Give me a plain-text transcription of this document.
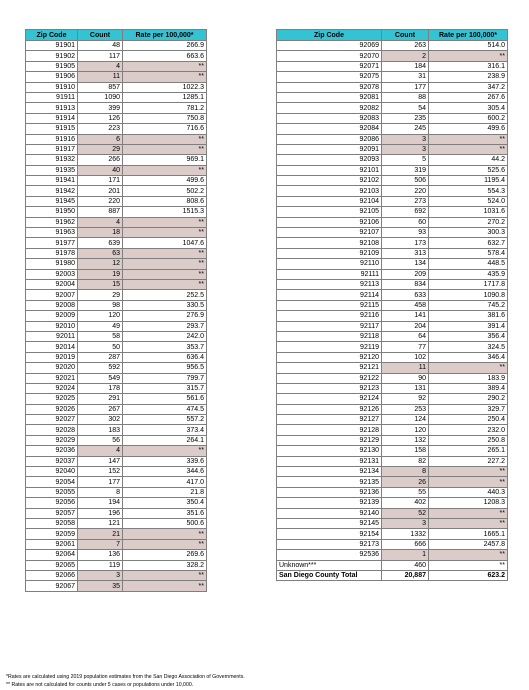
Zip Code	Count	Rate per 100,000*
91901	48	266.9
91902	117	663.6
91905	4	**
91906	11	**
91910	857	1022.3
91911	1090	1285.1
91913	399	781.2
91914	126	750.8
91915	223	716.6
91916	6	**
91917	29	**
91932	266	969.1
91935	40	**
91941	171	499.6
91942	201	502.2
91945	220	808.6
91950	887	1515.3
91962	4	**
91963	18	**
91977	639	1047.6
91978	63	**
91980	12	**
92003	19	**
92004	15	**
92007	29	252.5
92008	98	330.5
92009	120	276.9
92010	49	293.7
92011	58	242.0
92014	50	353.7
92019	287	636.4
92020	592	956.5
92021	549	799.7
92024	178	315.7
92025	291	561.6
92026	267	474.5
92027	302	557.2
92028	183	373.4
92029	56	264.1
92036	4	**
92037	147	339.6
92040	152	344.6
92054	177	417.0
92055	8	21.8
92056	194	350.4
92057	196	351.6
92058	121	500.6
92059	21	**
92061	7	**
92064	136	269.6
92065	119	328.2
92066	3	**
92067	35	**
Zip Code	Count	Rate per 100,000*
92069	263	514.0
92070	2	**
92071	184	316.1
92075	31	238.9
92078	177	347.2
92081	88	267.6
92082	54	305.4
92083	235	600.2
92084	245	499.6
92086	3	**
92091	3	**
92093	5	44.2
92101	319	525.6
92102	506	1195.4
92103	220	554.3
92104	273	524.0
92105	692	1031.6
92106	60	270.2
92107	93	300.3
92108	173	632.7
92109	313	578.4
92110	134	448.5
92111	209	435.9
92113	834	1717.8
92114	633	1090.8
92115	458	745.2
92116	141	381.6
92117	204	391.4
92118	64	356.4
92119	77	324.5
92120	102	346.4
92121	11	**
92122	90	183.9
92123	131	389.4
92124	92	290.2
92126	253	329.7
92127	124	250.4
92128	120	232.0
92129	132	250.8
92130	158	265.1
92131	82	227.2
92134	8	**
92135	26	**
92136	55	440.3
92139	402	1208.3
92140	52	**
92145	3	**
92154	1332	1665.1
92173	666	2457.8
92536	1	**
Unknown***	460	**
San Diego County Total	20,887	623.2
*Rates are calculated using 2019 population estimates from the San Diego Association of Governments.
** Rates are not calculated for counts under 5 cases or populations under 10,000.
